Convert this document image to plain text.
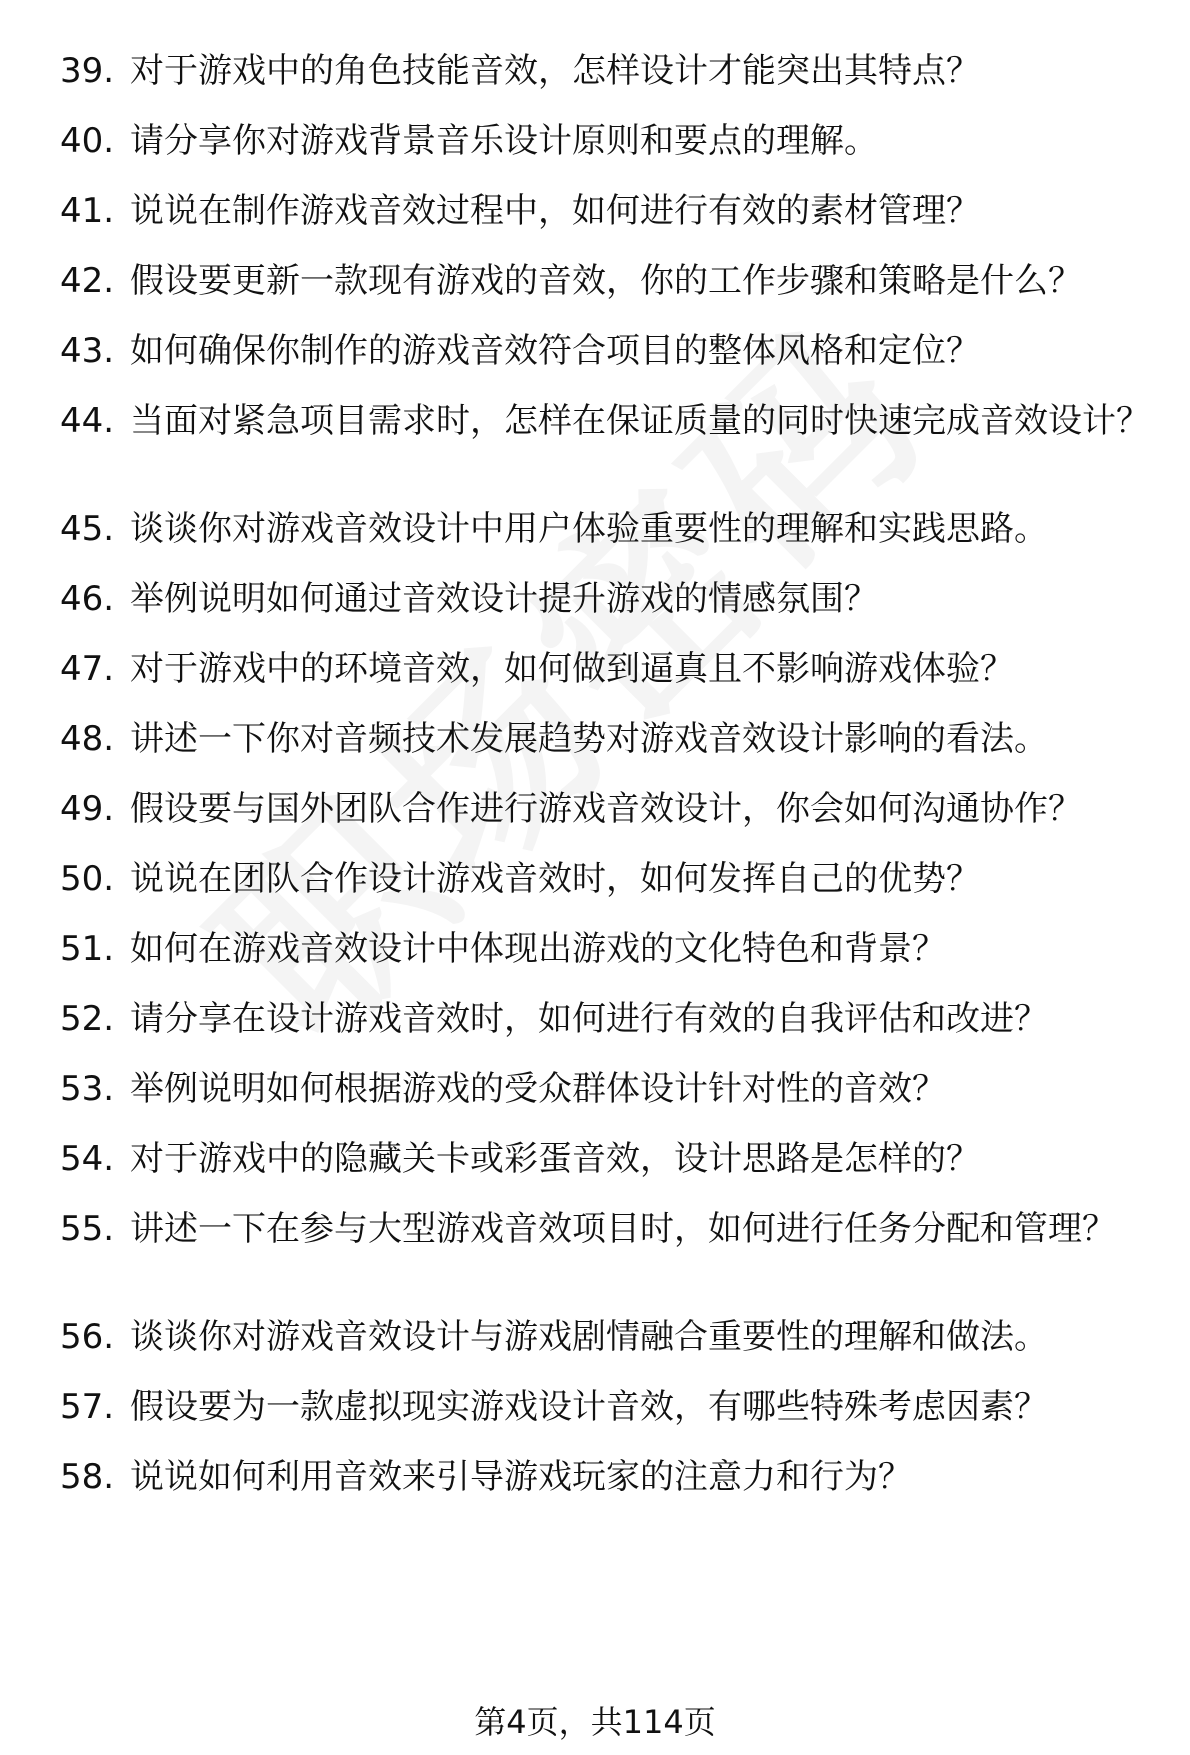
39. 对于游戏中的角色技能音效，怎样设计才能突出其特点？
40. 请分享你对游戏背景音乐设计原则和要点的理解。
41. 说说在制作游戏音效过程中，如何进行有效的素材管理？
42. 假设要更新一款现有游戏的音效，你的工作步骤和策略是什么？
43. 如何确保你制作的游戏音效符合项目的整体风格和定位？
44. 当面对紧急项目需求时，怎样在保证质量的同时快速完成音效设计？
45. 谈谈你对游戏音效设计中用户体验重要性的理解和实践思路。
46. 举例说明如何通过音效设计提升游戏的情感氛围？
47. 对于游戏中的环境音效，如何做到逼真且不影响游戏体验？
48. 讲述一下你对音频技术发展趋势对游戏音效设计影响的看法。
49. 假设要与国外团队合作进行游戏音效设计，你会如何沟通协作？
50. 说说在团队合作设计游戏音效时，如何发挥自己的优势？
51. 如何在游戏音效设计中体现出游戏的文化特色和背景？
52. 请分享在设计游戏音效时，如何进行有效的自我评估和改进？
53. 举例说明如何根据游戏的受众群体设计针对性的音效？
54. 对于游戏中的隐藏关卡或彩蛋音效，设计思路是怎样的？
55. 讲述一下在参与大型游戏音效项目时，如何进行任务分配和管理？
56. 谈谈你对游戏音效设计与游戏剧情融合重要性的理解和做法。
57. 假设要为一款虚拟现实游戏设计音效，有哪些特殊考虑因素？
58. 说说如何利用音效来引导游戏玩家的注意力和行为？
第4页，共114页
